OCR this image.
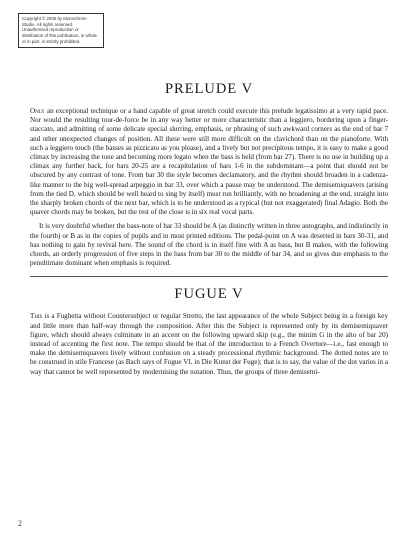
Copyright © 2005 by Monochrom Studio. All rights reserved. Unauthorized reproduction or distribution of this publication, in whole or in part, is strictly prohibited.
PRELUDE V

Only an exceptional technique or a hand capable of great stretch could execute this prelude legatissimo at a very rapid pace. Nor would the resulting tour-de-force be in any way better or more characteristic than a leggiero, bordering upon a finger-staccato, and admitting of some delicate special slurring, emphasis, or phrasing of such awkward corners as the end of bar 7 and other unexpected changes of position. All these were still more difficult on the clavichord than on the pianoforte. With such a leggiero touch (the basses as pizzicato as you please), and a lively but not precipitous tempo, it is easy to make a good climax by increasing the tone and becoming more legato when the bass is held (from bar 27). There is no use in building up a climax any further back, for bars 20-25 are a recapitulation of bars 1-6 in the subdominant—a point that should not be obscured by any contrast of tone. From bar 30 the style becomes declamatory, and the rhythm should broaden in a cadenza-like manner to the big well-spread arpeggio in bar 33, over which a pause may be understood. The demisemiquavers (arising from the tied D, which should be well heard to sing by itself) must run brilliantly, with no broadening at the end, straight into the sharply broken chords of the next bar, which is to be understood as a typical (but not exaggerated) final Adagio. Both the quaver chords may be broken, but the rest of the close is in six real vocal parts.

It is very doubtful whether the bass-note of bar 33 should be A (as distinctly written in three autographs, and indistinctly in the fourth) or B as in the copies of pupils and in most printed editions. The pedal-point on A was deserted in bars 30-31, and has nothing to gain by revival here. The sound of the chord is in itself fine with A as bass, but B makes, with the following chords, an orderly progression of five steps in the bass from bar 30 to the middle of bar 34, and so gives due emphasis to the penultimate dominant when emphasis is required.

FUGUE V

This is a Fughetta without Countersubject or regular Stretto, the last appearance of the whole Subject being in a foreign key and little more than half-way through the composition. After this the Subject is represented only by its demisemiquaver figure, which should always culminate in an accent on the following upward skip (e.g., the minim G in the alto of bar 20) instead of accenting the first note. The tempo should be that of the introduction to a French Overture—i.e., fast enough to make the demisemiquavers lively without confusion on a steady processional rhythmic background. The dotted notes are to be construed in stile Francese (as Bach says of Fugue VI. in Die Kunst der Fuge); that is to say, the value of the dot varies in a way that cannot be well represented by modernising the notation. Thus, the groups of three demisemi-

2
